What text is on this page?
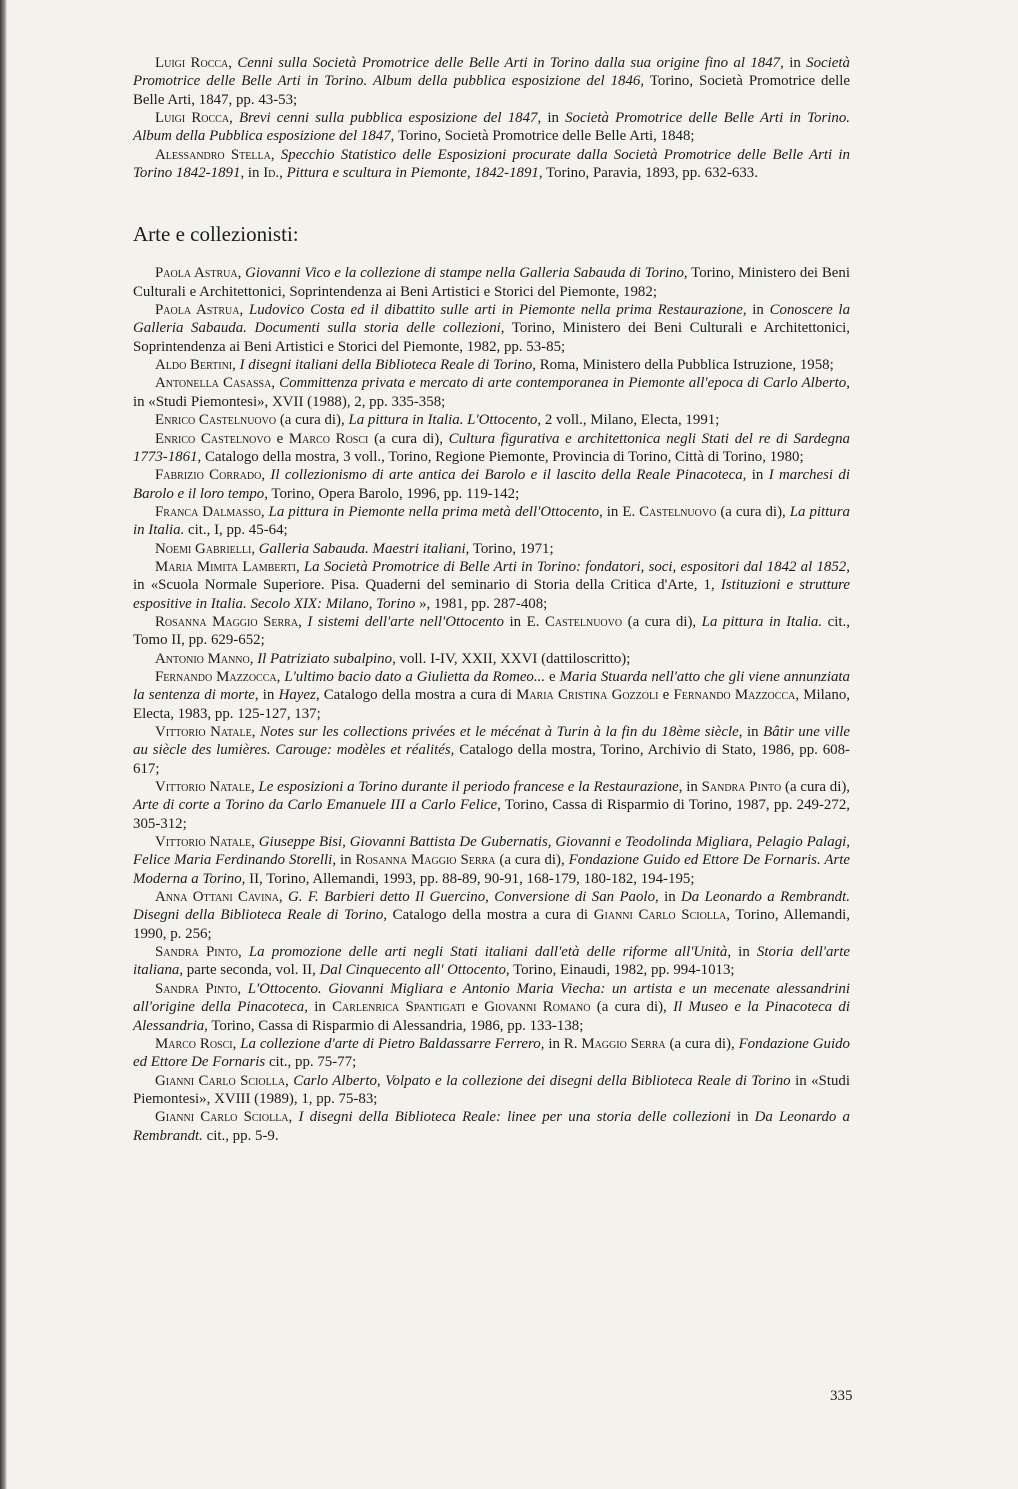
Luigi Rocca, Cenni sulla Società Promotrice delle Belle Arti in Torino dalla sua origine fino al 1847, in Società Promotrice delle Belle Arti in Torino. Album della pubblica esposizione del 1846, Torino, Società Promotrice delle Belle Arti, 1847, pp. 43-53;

Luigi Rocca, Brevi cenni sulla pubblica esposizione del 1847, in Società Promotrice delle Belle Arti in Torino. Album della Pubblica esposizione del 1847, Torino, Società Promotrice delle Belle Arti, 1848;

Alessandro Stella, Specchio Statistico delle Esposizioni procurate dalla Società Promotrice delle Belle Arti in Torino 1842-1891, in Id., Pittura e scultura in Piemonte, 1842-1891, Torino, Paravia, 1893, pp. 632-633.

Arte e collezionisti:

Paola Astrua, Giovanni Vico e la collezione di stampe nella Galleria Sabauda di Torino, Torino, Ministero dei Beni Culturali e Architettonici, Soprintendenza ai Beni Artistici e Storici del Piemonte, 1982;

Paola Astrua, Ludovico Costa ed il dibattito sulle arti in Piemonte nella prima Restaurazione, in Conoscere la Galleria Sabauda. Documenti sulla storia delle collezioni, Torino, Ministero dei Beni Culturali e Architettonici, Soprintendenza ai Beni Artistici e Storici del Piemonte, 1982, pp. 53-85;

Aldo Bertini, I disegni italiani della Biblioteca Reale di Torino, Roma, Ministero della Pubblica Istruzione, 1958;

Antonella Casassa, Committenza privata e mercato di arte contemporanea in Piemonte all'epoca di Carlo Alberto, in «Studi Piemontesi», XVII (1988), 2, pp. 335-358;

Enrico Castelnuovo (a cura di), La pittura in Italia. L'Ottocento, 2 voll., Milano, Electa, 1991;

Enrico Castelnovo e Marco Rosci (a cura di), Cultura figurativa e architettonica negli Stati del re di Sardegna 1773-1861, Catalogo della mostra, 3 voll., Torino, Regione Piemonte, Provincia di Torino, Città di Torino, 1980;

Fabrizio Corrado, Il collezionismo di arte antica dei Barolo e il lascito della Reale Pinacoteca, in I marchesi di Barolo e il loro tempo, Torino, Opera Barolo, 1996, pp. 119-142;

Franca Dalmasso, La pittura in Piemonte nella prima metà dell'Ottocento, in E. Castelnuovo (a cura di), La pittura in Italia. cit., I, pp. 45-64;

Noemi Gabrielli, Galleria Sabauda. Maestri italiani, Torino, 1971;

Maria Mimita Lamberti, La Società Promotrice di Belle Arti in Torino: fondatori, soci, espositori dal 1842 al 1852, in «Scuola Normale Superiore. Pisa. Quaderni del seminario di Storia della Critica d'Arte, 1, Istituzioni e strutture espositive in Italia. Secolo XIX: Milano, Torino », 1981, pp. 287-408;

Rosanna Maggio Serra, I sistemi dell'arte nell'Ottocento in E. Castelnuovo (a cura di), La pittura in Italia. cit., Tomo II, pp. 629-652;

Antonio Manno, Il Patriziato subalpino, voll. I-IV, XXII, XXVI (dattiloscritto);

Fernando Mazzocca, L'ultimo bacio dato a Giulietta da Romeo... e Maria Stuarda nell'atto che gli viene annunziata la sentenza di morte, in Hayez, Catalogo della mostra a cura di Maria Cristina Gozzoli e Fernando Mazzocca, Milano, Electa, 1983, pp. 125-127, 137;

Vittorio Natale, Notes sur les collections privées et le mécénat à Turin à la fin du 18ème siècle, in Bâtir une ville au siècle des lumières. Carouge: modèles et réalités, Catalogo della mostra, Torino, Archivio di Stato, 1986, pp. 608-617;

Vittorio Natale, Le esposizioni a Torino durante il periodo francese e la Restaurazione, in Sandra Pinto (a cura di), Arte di corte a Torino da Carlo Emanuele III a Carlo Felice, Torino, Cassa di Risparmio di Torino, 1987, pp. 249-272, 305-312;

Vittorio Natale, Giuseppe Bisi, Giovanni Battista De Gubernatis, Giovanni e Teodolinda Migliara, Pelagio Palagi, Felice Maria Ferdinando Storelli, in Rosanna Maggio Serra (a cura di), Fondazione Guido ed Ettore De Fornaris. Arte Moderna a Torino, II, Torino, Allemandi, 1993, pp. 88-89, 90-91, 168-179, 180-182, 194-195;

Anna Ottani Cavina, G. F. Barbieri detto Il Guercino, Conversione di San Paolo, in Da Leonardo a Rembrandt. Disegni della Biblioteca Reale di Torino, Catalogo della mostra a cura di Gianni Carlo Sciolla, Torino, Allemandi, 1990, p. 256;

Sandra Pinto, La promozione delle arti negli Stati italiani dall'età delle riforme all'Unità, in Storia dell'arte italiana, parte seconda, vol. II, Dal Cinquecento all' Ottocento, Torino, Einaudi, 1982, pp. 994-1013;

Sandra Pinto, L'Ottocento. Giovanni Migliara e Antonio Maria Viecha: un artista e un mecenate alessandrini all'origine della Pinacoteca, in Carlenrica Spantigati e Giovanni Romano (a cura di), Il Museo e la Pinacoteca di Alessandria, Torino, Cassa di Risparmio di Alessandria, 1986, pp. 133-138;

Marco Rosci, La collezione d'arte di Pietro Baldassarre Ferrero, in R. Maggio Serra (a cura di), Fondazione Guido ed Ettore De Fornaris cit., pp. 75-77;

Gianni Carlo Sciolla, Carlo Alberto, Volpato e la collezione dei disegni della Biblioteca Reale di Torino in «Studi Piemontesi», XVIII (1989), 1, pp. 75-83;

Gianni Carlo Sciolla, I disegni della Biblioteca Reale: linee per una storia delle collezioni in Da Leonardo a Rembrandt. cit., pp. 5-9.

335
